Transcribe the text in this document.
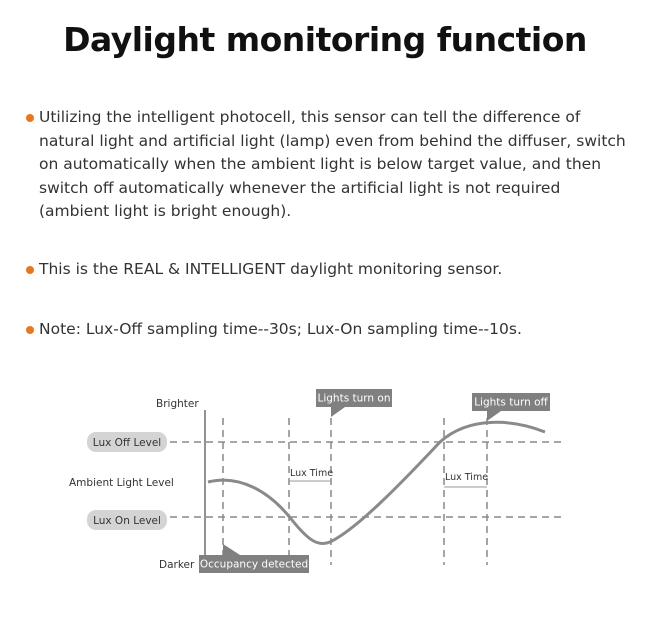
Daylight monitoring function
Utilizing the intelligent photocell, this sensor can tell the difference of
natural light and artificial light (lamp) even from behind the diffuser, switch
on automatically when the ambient light is below target value, and then
switch off automatically whenever the artificial light is not required
(ambient light is bright enough).
This is the REAL & INTELLIGENT daylight monitoring sensor.
Note: Lux-Off sampling time--30s; Lux-On sampling time--10s.
Brighter
Darker
Ambient Light Level
Lux Off Level
Lux On Level
Lux Time	Lux Time
Lights turn on	Lights turn off
Occupancy detected
